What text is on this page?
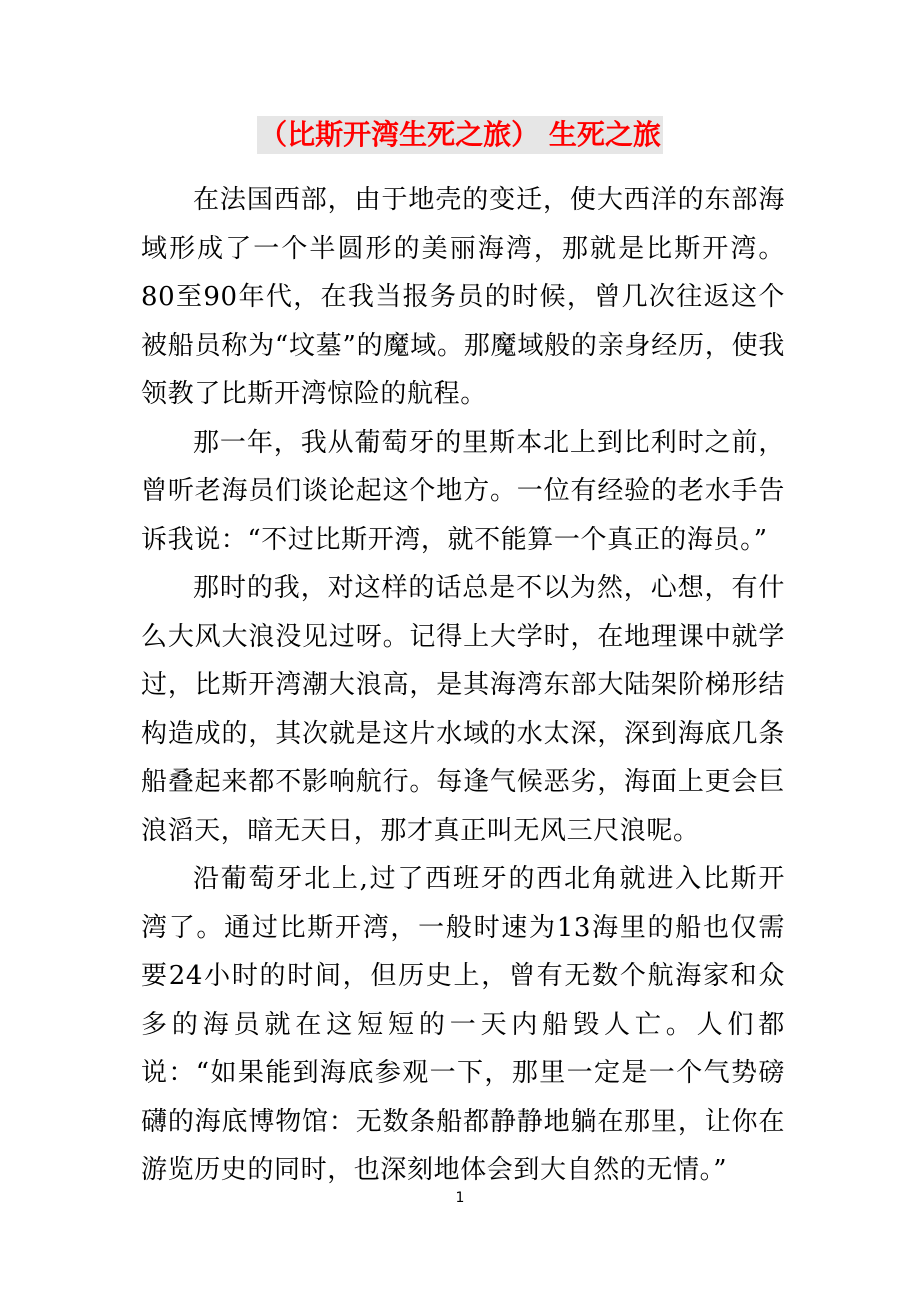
（比斯开湾生死之旅） 生死之旅

在法国西部，由于地壳的变迁，使大西洋的东部海域形成了一个半圆形的美丽海湾，那就是比斯开湾。80至90年代，在我当报务员的时候，曾几次往返这个被船员称为“坟墓”的魔域。那魔域般的亲身经历，使我领教了比斯开湾惊险的航程。

那一年，我从葡萄牙的里斯本北上到比利时之前，曾听老海员们谈论起这个地方。一位有经验的老水手告诉我说：“不过比斯开湾，就不能算一个真正的海员。”

那时的我，对这样的话总是不以为然，心想，有什么大风大浪没见过呀。记得上大学时，在地理课中就学过，比斯开湾潮大浪高，是其海湾东部大陆架阶梯形结构造成的，其次就是这片水域的水太深，深到海底几条船叠起来都不影响航行。每逢气候恶劣，海面上更会巨浪滔天，暗无天日，那才真正叫无风三尺浪呢。

沿葡萄牙北上,过了西班牙的西北角就进入比斯开湾了。通过比斯开湾，一般时速为13海里的船也仅需要24小时的时间，但历史上，曾有无数个航海家和众多的海员就在这短短的一天内船毁人亡。人们都说：“如果能到海底参观一下，那里一定是一个气势磅礴的海底博物馆：无数条船都静静地躺在那里，让你在游览历史的同时，也深刻地体会到大自然的无情。”

1
